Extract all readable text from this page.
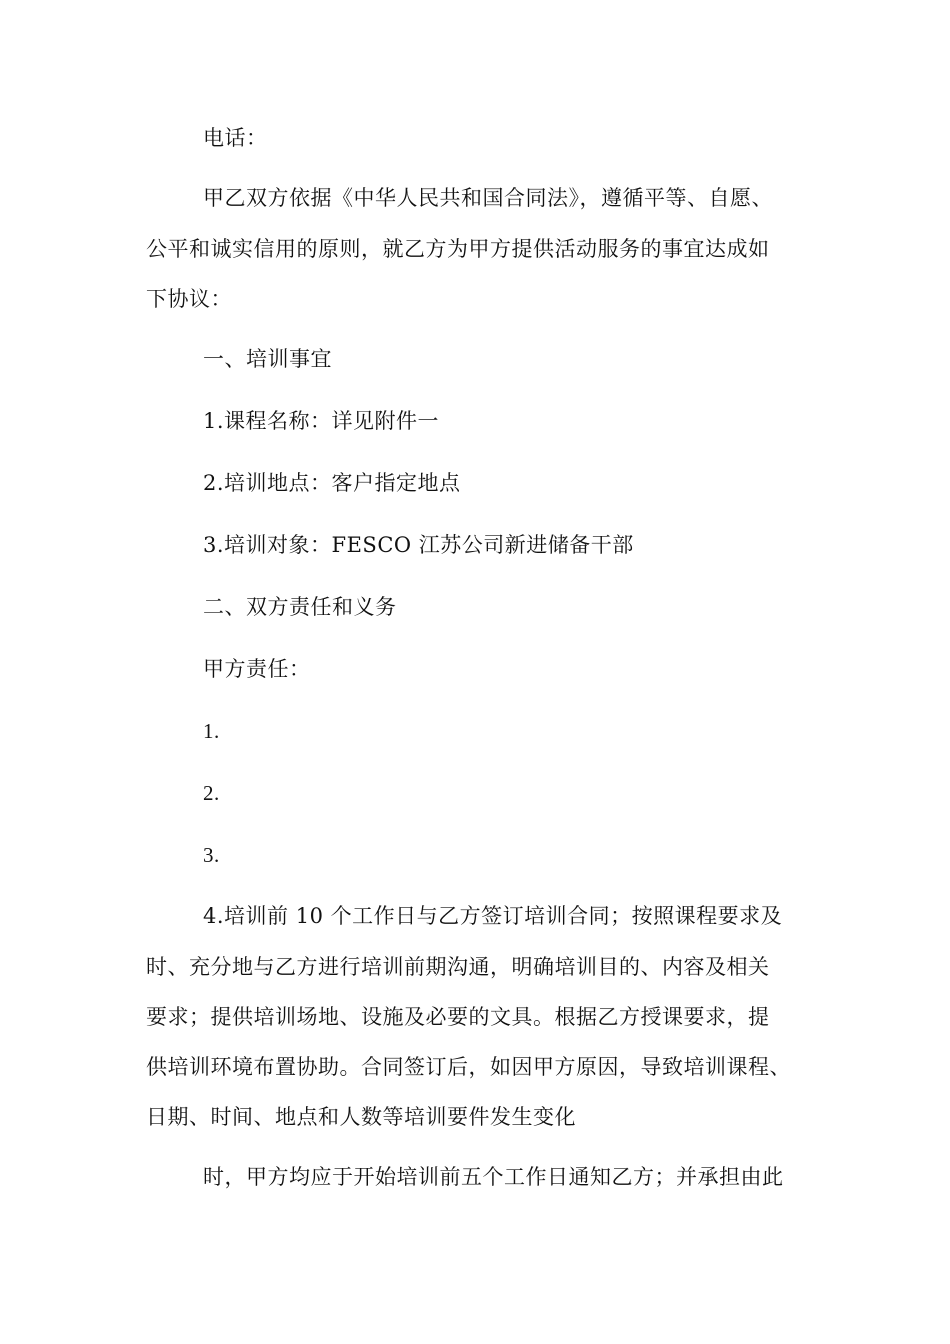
电话：

甲乙双方依据《中华人民共和国合同法》，遵循平等、自愿、

公平和诚实信用的原则，就乙方为甲方提供活动服务的事宜达成如

下协议：

一、培训事宜

1.课程名称：详见附件一

2.培训地点：客户指定地点

3.培训对象：FESCO 江苏公司新进储备干部

二、双方责任和义务

甲方责任：

1.

2.

3.

4.培训前 10 个工作日与乙方签订培训合同；按照课程要求及

时、充分地与乙方进行培训前期沟通，明确培训目的、内容及相关

要求；提供培训场地、设施及必要的文具。根据乙方授课要求，提

供培训环境布置协助。合同签订后，如因甲方原因，导致培训课程、

日期、时间、地点和人数等培训要件发生变化

时，甲方均应于开始培训前五个工作日通知乙方；并承担由此
